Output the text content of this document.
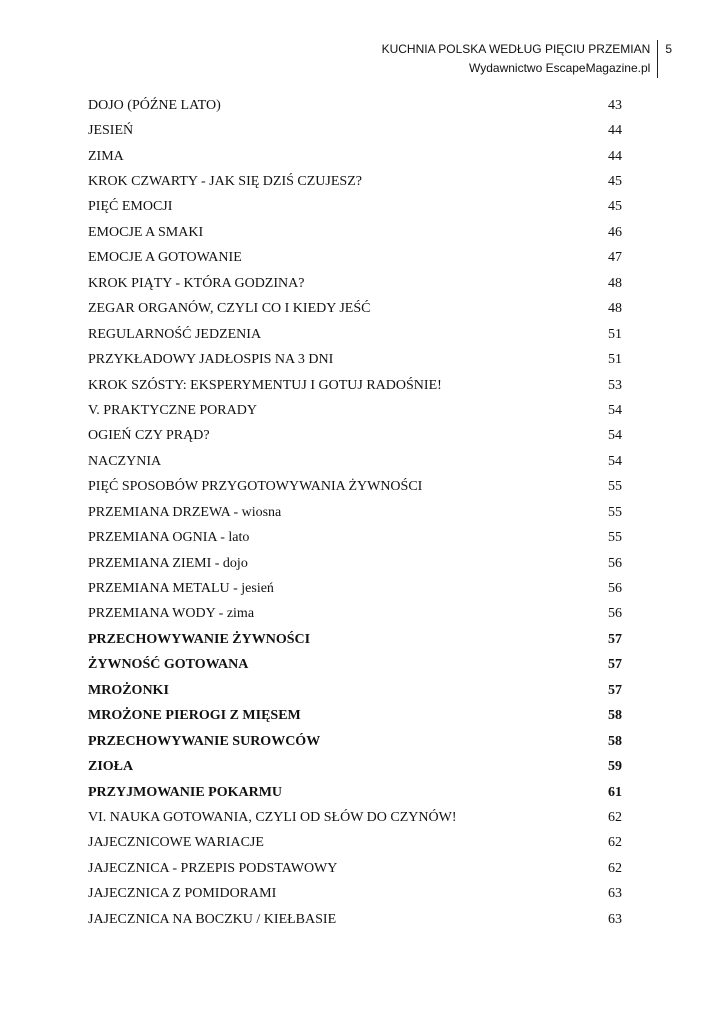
KUCHNIA POLSKA WEDŁUG PIĘCIU PRZEMIAN
Wydawnictwo EscapeMagazine.pl
5
DOJO (PÓŹNE LATO)	43
JESIEŃ	44
ZIMA	44
KROK CZWARTY - JAK SIĘ DZIŚ CZUJESZ?	45
PIĘĆ EMOCJI	45
EMOCJE A SMAKI	46
EMOCJE A GOTOWANIE	47
KROK PIĄTY - KTÓRA GODZINA?	48
ZEGAR ORGANÓW, CZYLI CO I KIEDY JEŚĆ	48
REGULARNOŚĆ JEDZENIA	51
PRZYKŁADOWY JADŁOSPIS NA 3 DNI	51
KROK SZÓSTY: EKSPERYMENTUJ I GOTUJ RADOŚNIE!	53
V. PRAKTYCZNE PORADY	54
OGIEŃ CZY PRĄD?	54
NACZYNIA	54
PIĘĆ SPOSOBÓW PRZYGOTOWYWANIA ŻYWNOŚCI	55
PRZEMIANA DRZEWA - wiosna	55
PRZEMIANA OGNIA - lato	55
PRZEMIANA ZIEMI - dojo	56
PRZEMIANA METALU - jesień	56
PRZEMIANA WODY - zima	56
PRZECHOWYWANIE ŻYWNOŚCI	57
ŻYWNOŚĆ GOTOWANA	57
MROŻONKI	57
MROŻONE PIEROGI Z MIĘSEM	58
PRZECHOWYWANIE SUROWCÓW	58
ZIOŁA	59
PRZYJMOWANIE POKARMU	61
VI. NAUKA GOTOWANIA, CZYLI OD SŁÓW DO CZYNÓW!	62
JAJECZNICOWE WARIACJE	62
JAJECZNICA - PRZEPIS PODSTAWOWY	62
JAJECZNICA Z POMIDORAMI	63
JAJECZNICA NA BOCZKU / KIEŁBASIE	63
